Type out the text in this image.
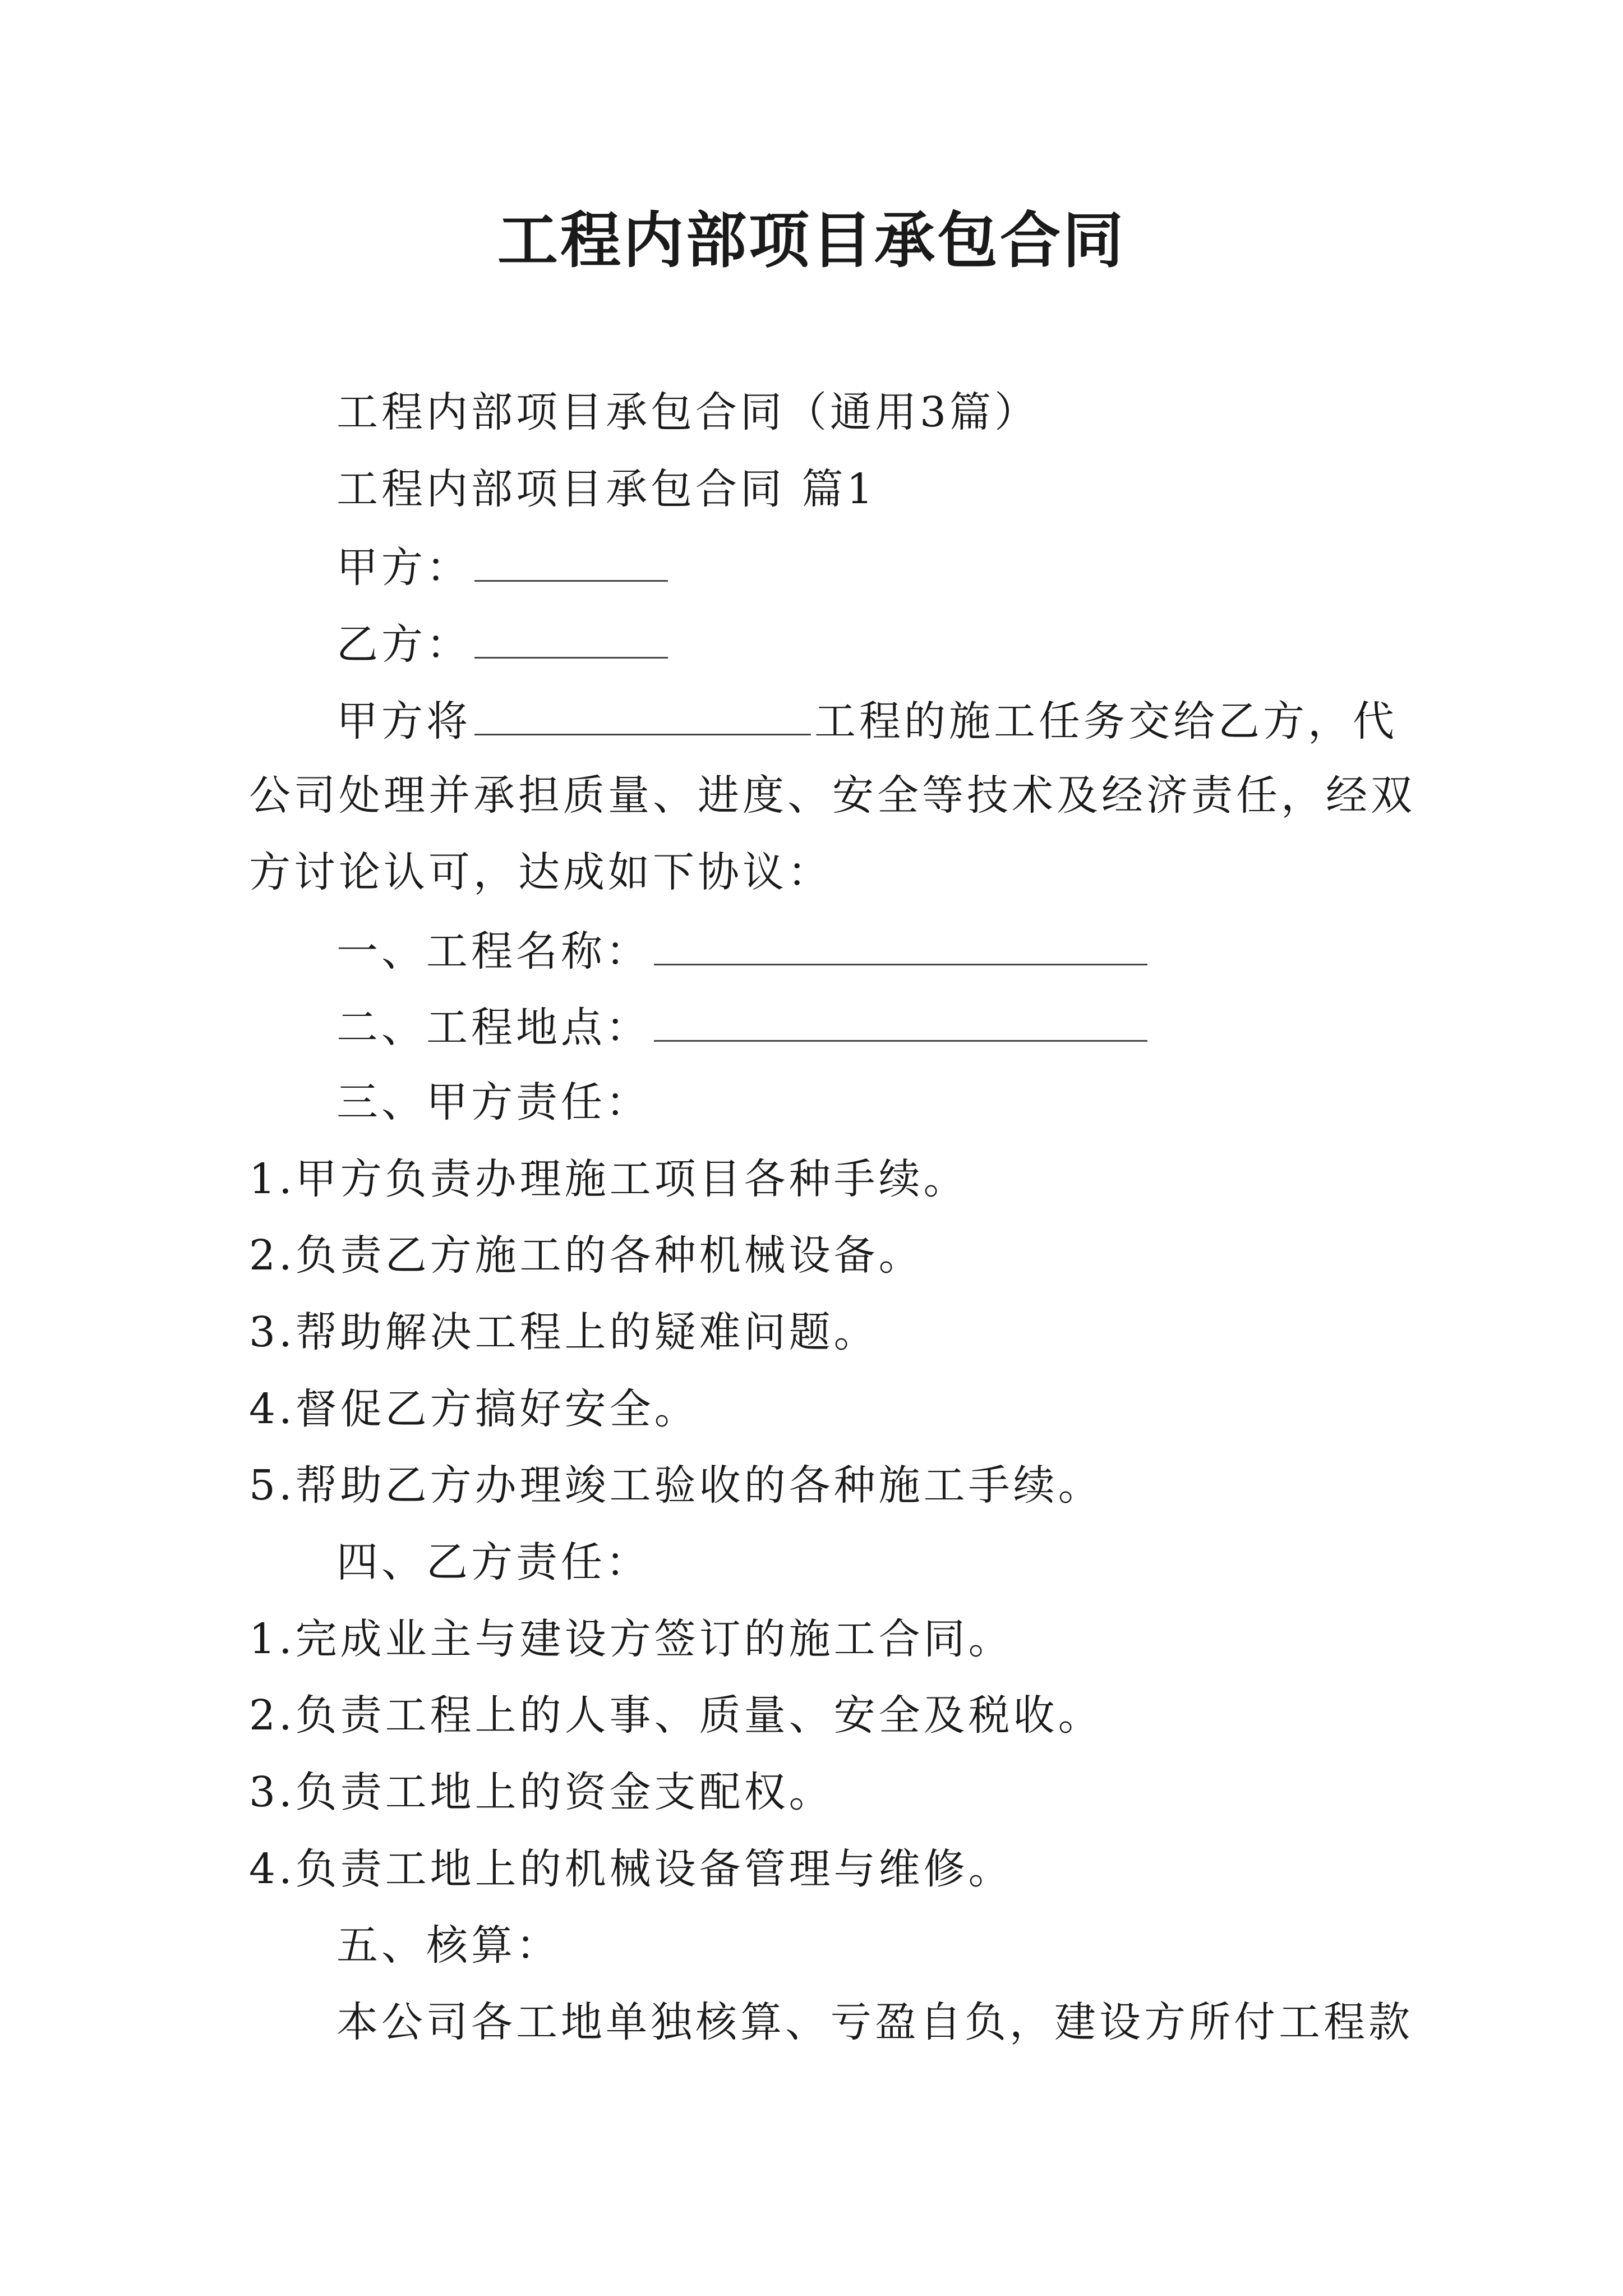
工程内部项目承包合同
工程内部项目承包合同（通用3篇）
工程内部项目承包合同 篇1
甲方：
乙方：
甲方将	工程的施工任务交给乙方，代
公司处理并承担质量、进度、安全等技术及经济责任，经双
方讨论认可，达成如下协议：
一、工程名称：
二、工程地点：
三、甲方责任：
1.甲方负责办理施工项目各种手续。
2.负责乙方施工的各种机械设备。
3.帮助解决工程上的疑难问题。
4.督促乙方搞好安全。
5.帮助乙方办理竣工验收的各种施工手续。
四、乙方责任：
1.完成业主与建设方签订的施工合同。
2.负责工程上的人事、质量、安全及税收。
3.负责工地上的资金支配权。
4.负责工地上的机械设备管理与维修。
五、核算：
本公司各工地单独核算、亏盈自负，建设方所付工程款
